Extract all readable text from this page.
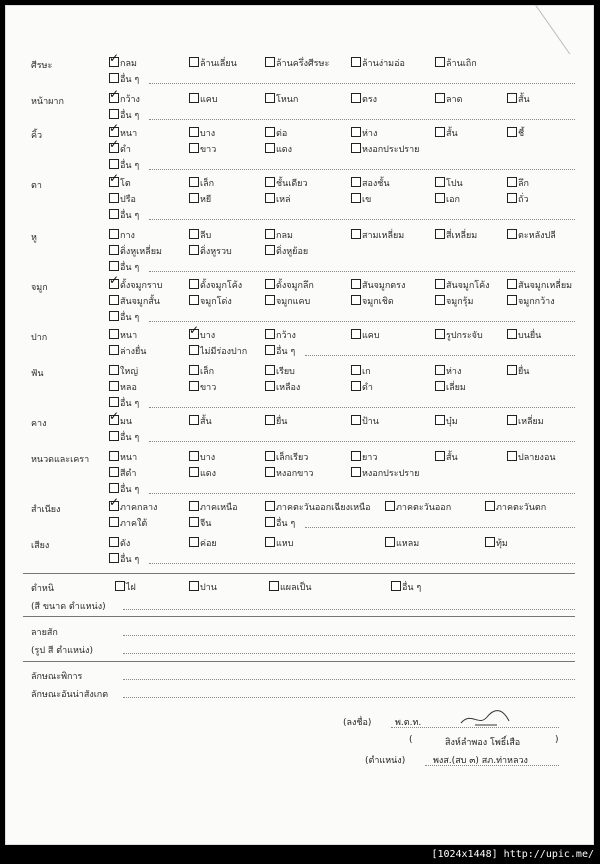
ศีรษะ ✓	กลม	ล้านเลี่ยน	ล้านครึ่งศีรษะ	ล้านง่ามอ่อ	ล้านเถิก
อื่น ๆ
หน้าผาก ✓	กว้าง	แคบ	โหนก	ตรง	ลาด	สั้น
อื่น ๆ
คิ้ว ✓	หนา	บาง	ต่อ	ห่าง	สั้น	ชี้
✓ดำ	ขาว	แดง	หงอกประปราย
อื่น ๆ
ตา ✓	โต	เล็ก	ชั้นเดียว	สองชั้น	โปน	ลึก
ปรือ	หยี	เหล่	เข	เอก	ถั่ว
อื่น ๆ
หู	กาง	ลีบ	กลม	สามเหลี่ยม	สี่เหลี่ยม	ตะหลังปลี
ติ่งหูเหลี่ยม	ติ่งหูรวบ	ติ่งหูย้อย
อื่น ๆ
จมูก ✓	ดั้งจมูกราบ	ดั้งจมูกโค้ง	ดั้งจมูกลึก	สันจมูกตรง	สันจมูกโค้ง	สันจมูกเหลี่ยม
สันจมูกสั้น	จมูกโด่ง	จมูกแคบ	จมูกเชิด	จมูกรุ้ม	จมูกกว้าง
อื่น ๆ
ปาก	หนา ✓	บาง	กว้าง	แคบ	รูปกระจับ	บนยื่น
ล่างยื่น	ไม่มีร่องปาก	อื่น ๆ
ฟัน	ใหญ่	เล็ก	เรียบ	เก	ห่าง	ยื่น
หลอ	ขาว	เหลือง	ดำ	เลี่ยม
อื่น ๆ
คาง ✓	มน	สั้น	ยื่น	ป้าน	บุ๋ม	เหลี่ยม
อื่น ๆ
หนวดและเครา	หนา	บาง	เล็กเรียว	ยาว	สั้น	ปลายงอน
สีดำ	แดง	หงอกขาว	หงอกประปราย
อื่น ๆ
สำเนียง ✓	ภาคกลาง	ภาคเหนือ	ภาคตะวันออกเฉียงเหนือ	ภาคตะวันออก	ภาคตะวันตก
ภาคใต้	จีน	อื่น ๆ
เสียง	ดัง	ค่อย	แหบ	แหลม	ทุ้ม
อื่น ๆ
ตำหนิ
(สี ขนาด ตำแหน่ง)
ไฝ	ปาน	แผลเป็น	อื่น ๆ
ลายสัก
(รูป สี ตำแหน่ง)
ลักษณะพิการ
ลักษณะอันน่าสังเกต
(ลงชื่อ)	พ.ต.ท.
(	สิงห์ลำพอง โพธิ์เสือ	)
(ตำแหน่ง)	พงส.(สบ ๓) สภ.ท่าหลวง
[1024x1448] http://upic.me/
